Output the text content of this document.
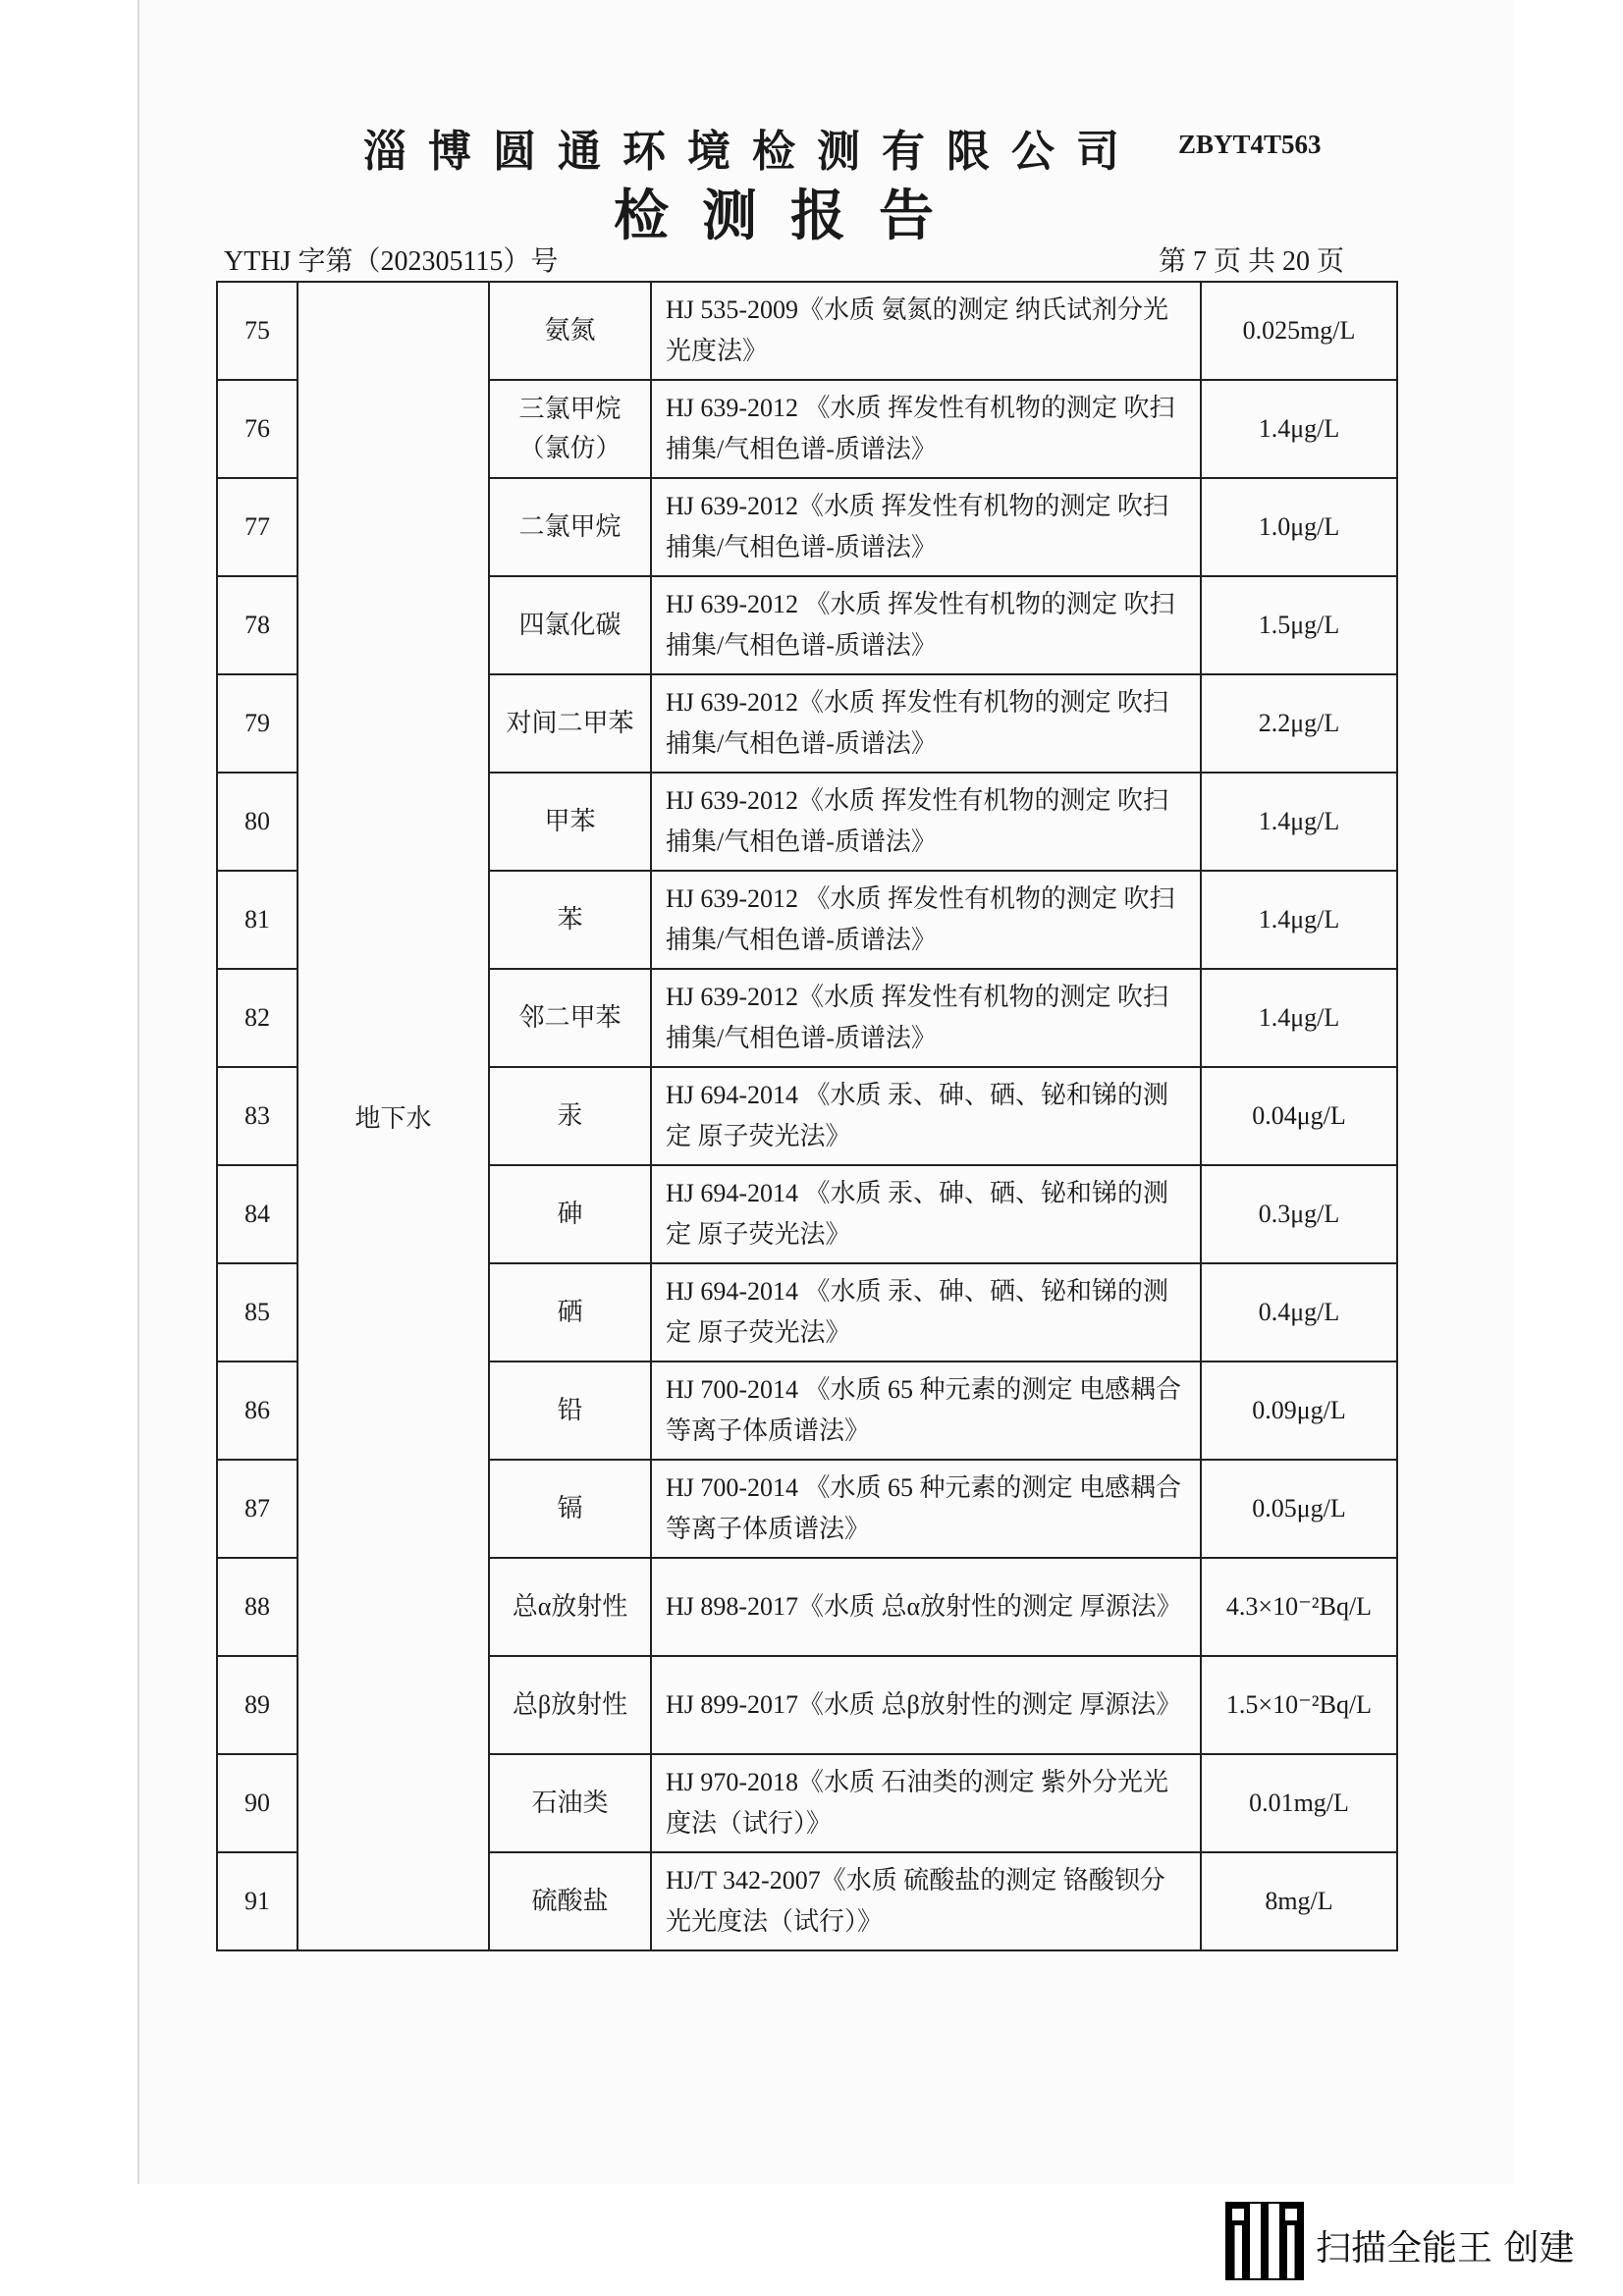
淄博圆通环境检测有限公司 ZBYT4T563
检测报告
YTHJ 字第（202305115）号	第 7 页 共 20 页
75	地下水	氨氮	HJ 535-2009《水质 氨氮的测定 纳氏试剂分光光度法》	0.025mg/L
76		三氯甲烷（氯仿）	HJ 639-2012 《水质 挥发性有机物的测定 吹扫捕集/气相色谱-质谱法》	1.4μg/L
77		二氯甲烷	HJ 639-2012《水质 挥发性有机物的测定 吹扫捕集/气相色谱-质谱法》	1.0μg/L
78		四氯化碳	HJ 639-2012 《水质 挥发性有机物的测定 吹扫捕集/气相色谱-质谱法》	1.5μg/L
79		对间二甲苯	HJ 639-2012《水质 挥发性有机物的测定 吹扫捕集/气相色谱-质谱法》	2.2μg/L
80		甲苯	HJ 639-2012《水质 挥发性有机物的测定 吹扫捕集/气相色谱-质谱法》	1.4μg/L
81		苯	HJ 639-2012 《水质 挥发性有机物的测定 吹扫捕集/气相色谱-质谱法》	1.4μg/L
82		邻二甲苯	HJ 639-2012《水质 挥发性有机物的测定 吹扫捕集/气相色谱-质谱法》	1.4μg/L
83		汞	HJ 694-2014 《水质 汞、砷、硒、铋和锑的测定 原子荧光法》	0.04μg/L
84		砷	HJ 694-2014 《水质 汞、砷、硒、铋和锑的测定 原子荧光法》	0.3μg/L
85		硒	HJ 694-2014 《水质 汞、砷、硒、铋和锑的测定 原子荧光法》	0.4μg/L
86		铅	HJ 700-2014 《水质 65 种元素的测定 电感耦合等离子体质谱法》	0.09μg/L
87		镉	HJ 700-2014 《水质 65 种元素的测定 电感耦合等离子体质谱法》	0.05μg/L
88		总α放射性	HJ 898-2017《水质 总α放射性的测定 厚源法》	4.3×10⁻²Bq/L
89		总β放射性	HJ 899-2017《水质 总β放射性的测定 厚源法》	1.5×10⁻²Bq/L
90		石油类	HJ 970-2018《水质 石油类的测定 紫外分光光度法（试行）》	0.01mg/L
91		硫酸盐	HJ/T 342-2007《水质 硫酸盐的测定 铬酸钡分光光度法（试行）》	8mg/L
扫描全能王 创建
